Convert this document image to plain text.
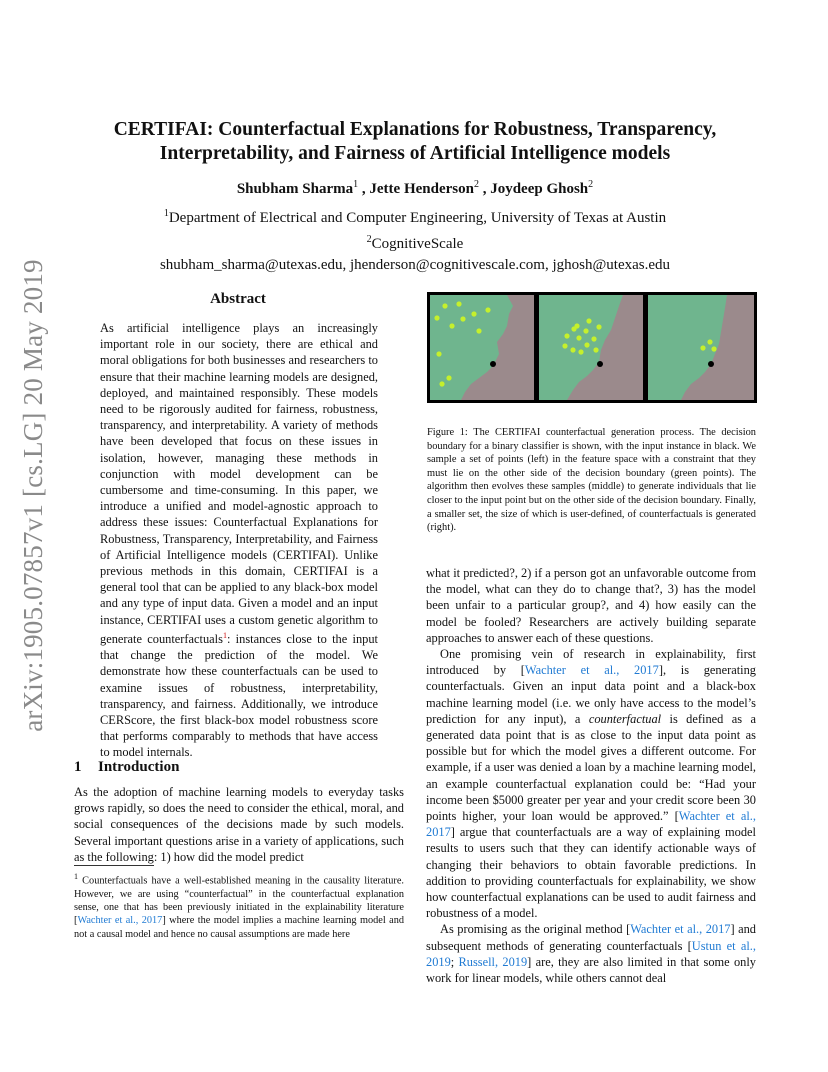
arXiv:1905.07857v1 [cs.LG] 20 May 2019
CERTIFAI: Counterfactual Explanations for Robustness, Transparency,
Interpretability, and Fairness of Artificial Intelligence models
Shubham Sharma$^1$ , Jette Henderson$^2$ , Joydeep Ghosh$^2$
$^1$Department of Electrical and Computer Engineering, University of Texas at Austin
$^2$CognitiveScale
shubham_sharma@utexas.edu, jhenderson@cognitivescale.com, jghosh@utexas.edu
Abstract
As artificial intelligence plays an increasingly important role in our society, there are ethical and moral obligations for both businesses and researchers to ensure that their machine learning models are designed, deployed, and maintained responsibly. These models need to be rigorously audited for fairness, robustness, transparency, and interpretability. A variety of methods have been developed that focus on these issues in isolation, however, managing these methods in conjunction with model development can be cumbersome and time-consuming. In this paper, we introduce a unified and model-agnostic approach to address these issues: Counterfactual Explanations for Robustness, Transparency, Interpretability, and Fairness of Artificial Intelligence models (CERTIFAI). Unlike previous methods in this domain, CERTIFAI is a general tool that can be applied to any black-box model and any type of input data. Given a model and an input instance, CERTIFAI uses a custom genetic algorithm to generate counterfactuals$^1$: instances close to the input that change the prediction of the model. We demonstrate how these counterfactuals can be used to examine issues of robustness, interpretability, transparency, and fairness. Additionally, we introduce CERScore, the first black-box model robustness score that performs comparably to methods that have access to model internals.
1 Introduction
As the adoption of machine learning models to everyday tasks grows rapidly, so does the need to consider the ethical, moral, and social consequences of the decisions made by such models. Several important questions arise in a variety of applications, such as the following: 1) how did the model predict
$^1$ Counterfactuals have a well-established meaning in the causality literature. However, we are using “counterfactual” in the counterfactual explanation sense, one that has been previously initiated in the explainability literature [Wachter et al., 2017] where the model implies a machine learning model and not a causal model and hence no causal assumptions are made here
Figure 1: The CERTIFAI counterfactual generation process. The decision boundary for a binary classifier is shown, with the input instance in black. We sample a set of points (left) in the feature space with a constraint that they must lie on the other side of the decision boundary (green points). The algorithm then evolves these samples (middle) to generate individuals that lie closer to the input point but on the other side of the decision boundary. Finally, a smaller set, the size of which is user-defined, of counterfactuals is generated (right).

what it predicted?, 2) if a person got an unfavorable outcome from the model, what can they do to change that?, 3) has the model been unfair to a particular group?, and 4) how easily can the model be fooled? Researchers are actively building separate approaches to answer each of these questions.

One promising vein of research in explainability, first introduced by [Wachter et al., 2017], is generating counterfactuals. Given an input data point and a black-box machine learning model (i.e. we only have access to the model’s prediction for any input), a counterfactual is defined as a generated data point that is as close to the input data point as possible but for which the model gives a different outcome. For example, if a user was denied a loan by a machine learning model, an example counterfactual explanation could be: “Had your income been $5000 greater per year and your credit score been 30 points higher, your loan would be approved.” [Wachter et al., 2017] argue that counterfactuals are a way of explaining model results to users such that they can identify actionable ways of changing their behaviors to obtain favorable predictions. In addition to providing counterfactuals for explainability, we show how counterfactual explanations can be used to audit fairness and robustness of a model.

As promising as the original method [Wachter et al., 2017] and subsequent methods of generating counterfactuals [Ustun et al., 2019; Russell, 2019] are, they are also limited in that some only work for linear models, while others cannot deal
